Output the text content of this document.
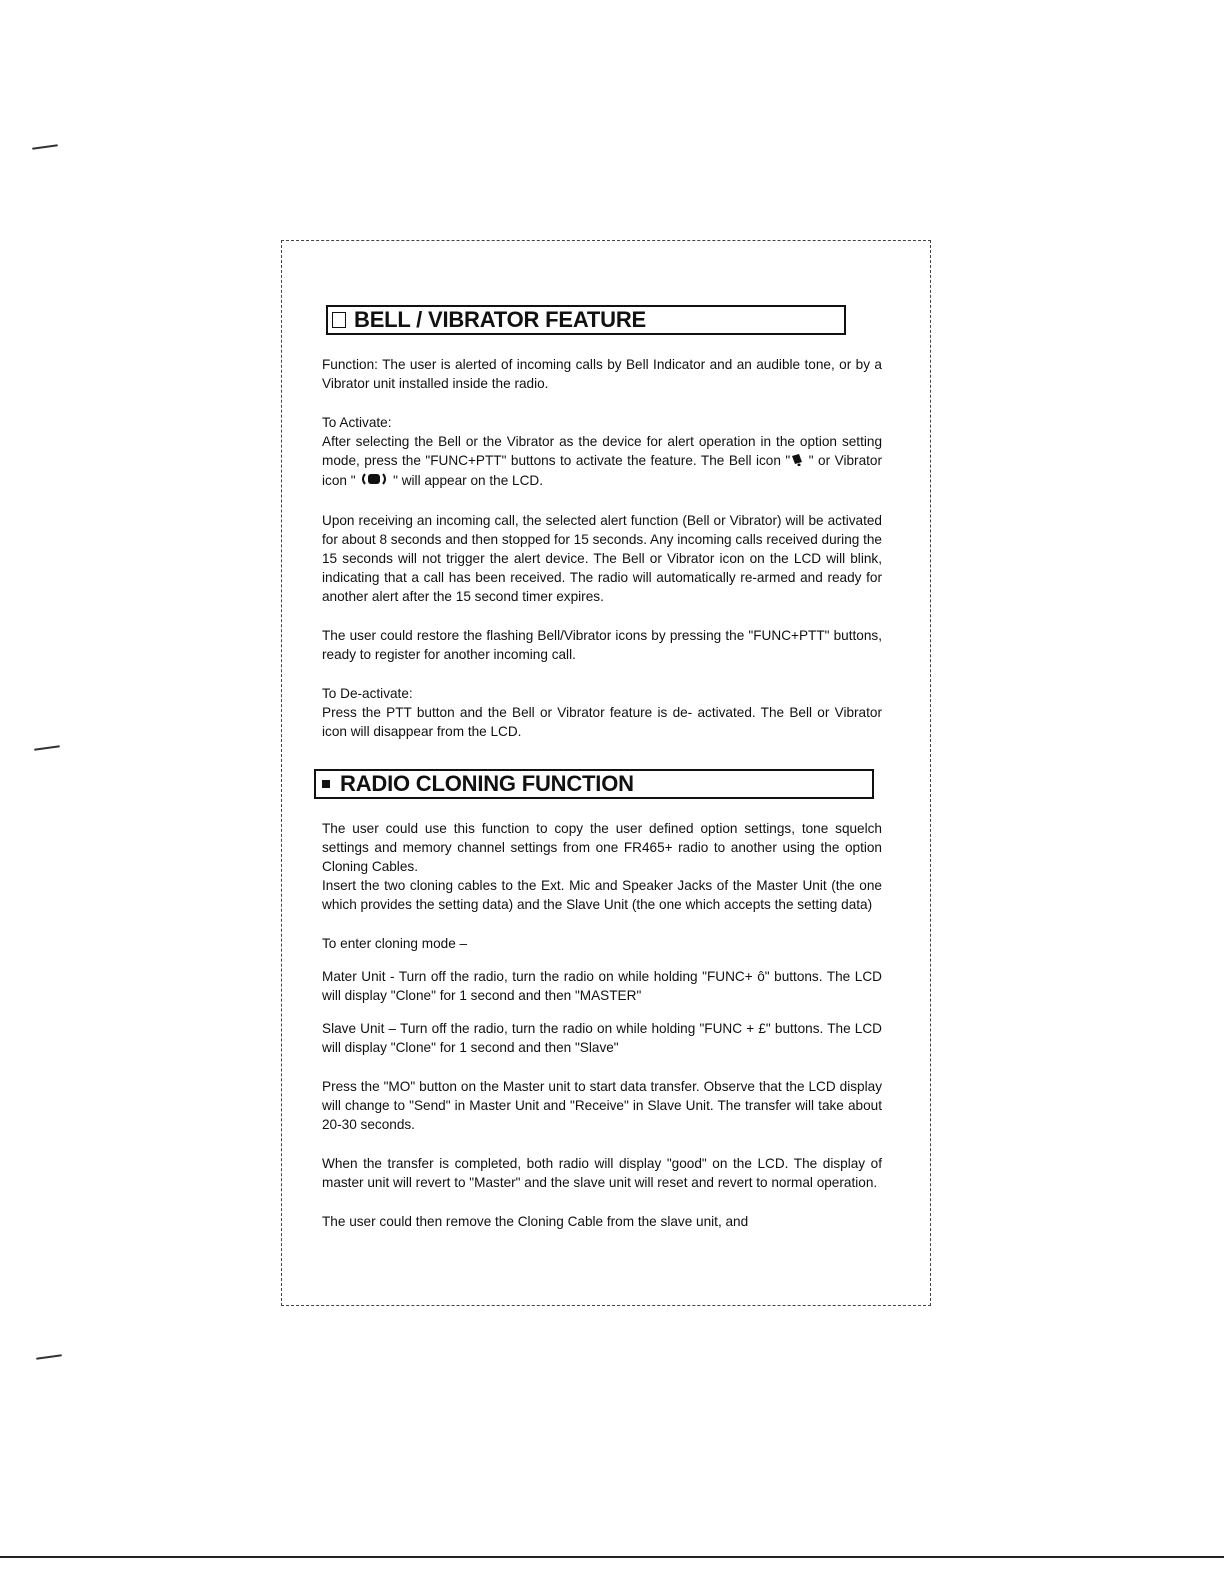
BELL / VIBRATOR FEATURE

Function: The user is alerted of incoming calls by Bell Indicator and an audible tone, or by a Vibrator unit installed inside the radio.

To Activate:

After selecting the Bell or the Vibrator as the device for alert operation in the option setting mode, press the "FUNC+PTT" buttons to activate the feature. The Bell icon " " or Vibrator icon "  " will appear on the LCD.

Upon receiving an incoming call, the selected alert function (Bell or Vibrator) will be activated for about 8 seconds and then stopped for 15 seconds. Any incoming calls received during the 15 seconds will not trigger the alert device. The Bell or Vibrator icon on the LCD will blink, indicating that a call has been received. The radio will automatically re-armed and ready for another alert after the 15 second timer expires.

The user could restore the flashing Bell/Vibrator icons by pressing the "FUNC+PTT" buttons, ready to register for another incoming call.

To De-activate:

Press the PTT button and the Bell or Vibrator feature is de- activated. The Bell or Vibrator icon will disappear from the LCD.

RADIO CLONING FUNCTION

The user could use this function to copy the user defined option settings, tone squelch settings and memory channel settings from one FR465+ radio to another using the option Cloning Cables.

Insert the two cloning cables to the Ext. Mic and Speaker Jacks of the Master Unit (the one which provides the setting data) and the Slave Unit (the one which accepts the setting data)

To enter cloning mode –

Mater Unit - Turn off the radio, turn the radio on while holding "FUNC+ ô" buttons. The LCD will display "Clone" for 1 second and then "MASTER"

Slave Unit – Turn off the radio, turn the radio on while holding "FUNC + £" buttons. The LCD will display "Clone" for 1 second and then "Slave"

Press the "MO" button on the Master unit to start data transfer. Observe that the LCD display will change to "Send" in Master Unit and "Receive" in Slave Unit. The transfer will take about 20-30 seconds.

When the transfer is completed, both radio will display "good" on the LCD. The display of master unit will revert to "Master" and the slave unit will reset and revert to normal operation.

The user could then remove the Cloning Cable from the slave unit, and
